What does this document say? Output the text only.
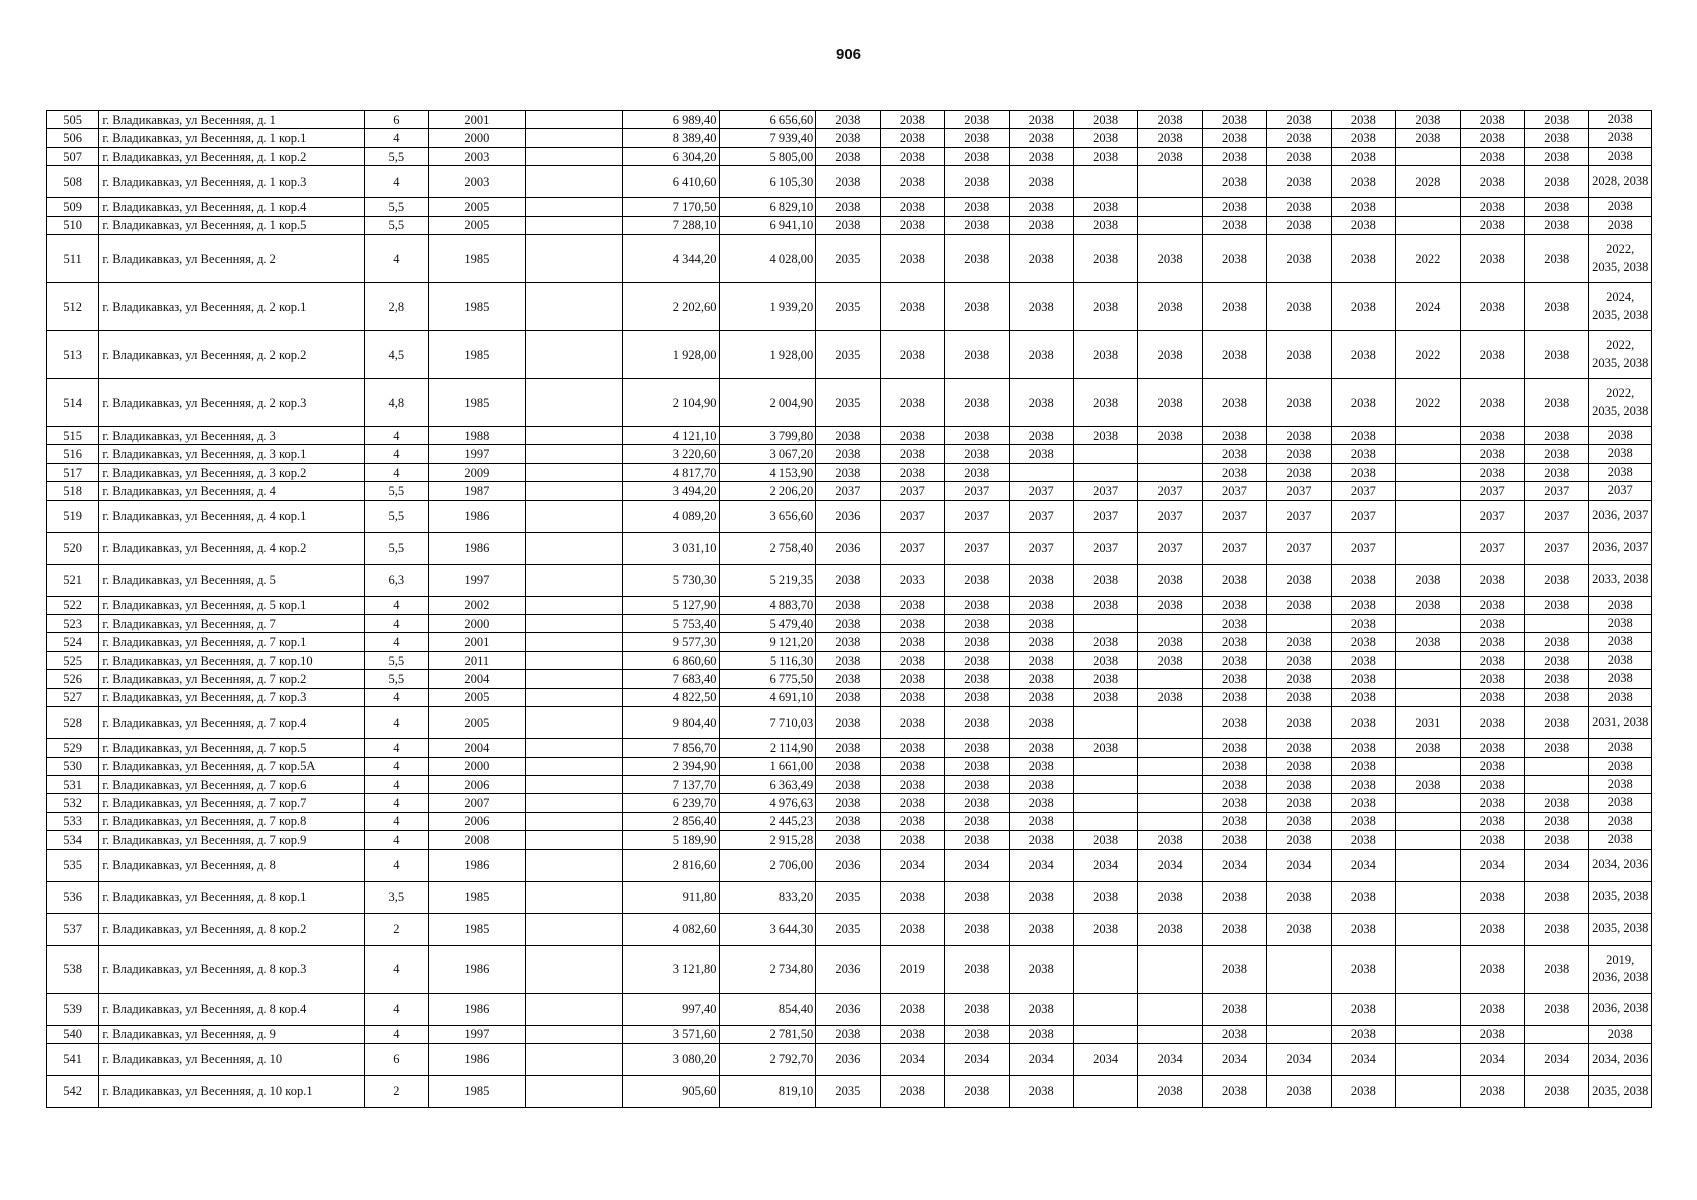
906
505	г. Владикавказ, ул Весенняя, д. 1	6	2001		6 989,40	6 656,60	2038	2038	2038	2038	2038	2038	2038	2038	2038	2038	2038	2038	2038
506	г. Владикавказ, ул Весенняя, д. 1 кор.1	4	2000		8 389,40	7 939,40	2038	2038	2038	2038	2038	2038	2038	2038	2038	2038	2038	2038	2038
507	г. Владикавказ, ул Весенняя, д. 1 кор.2	5,5	2003		6 304,20	5 805,00	2038	2038	2038	2038	2038	2038	2038	2038	2038		2038	2038	2038
508	г. Владикавказ, ул Весенняя, д. 1 кор.3	4	2003		6 410,60	6 105,30	2038	2038	2038	2038			2038	2038	2038	2028	2038	2038	2028, 2038
509	г. Владикавказ, ул Весенняя, д. 1 кор.4	5,5	2005		7 170,50	6 829,10	2038	2038	2038	2038	2038		2038	2038	2038		2038	2038	2038
510	г. Владикавказ, ул Весенняя, д. 1 кор.5	5,5	2005		7 288,10	6 941,10	2038	2038	2038	2038	2038		2038	2038	2038		2038	2038	2038
511	г. Владикавказ, ул Весенняя, д. 2	4	1985		4 344,20	4 028,00	2035	2038	2038	2038	2038	2038	2038	2038	2038	2022	2038	2038	2022, 2035, 2038
512	г. Владикавказ, ул Весенняя, д. 2 кор.1	2,8	1985		2 202,60	1 939,20	2035	2038	2038	2038	2038	2038	2038	2038	2038	2024	2038	2038	2024, 2035, 2038
513	г. Владикавказ, ул Весенняя, д. 2 кор.2	4,5	1985		1 928,00	1 928,00	2035	2038	2038	2038	2038	2038	2038	2038	2038	2022	2038	2038	2022, 2035, 2038
514	г. Владикавказ, ул Весенняя, д. 2 кор.3	4,8	1985		2 104,90	2 004,90	2035	2038	2038	2038	2038	2038	2038	2038	2038	2022	2038	2038	2022, 2035, 2038
515	г. Владикавказ, ул Весенняя, д. 3	4	1988		4 121,10	3 799,80	2038	2038	2038	2038	2038	2038	2038	2038	2038		2038	2038	2038
516	г. Владикавказ, ул Весенняя, д. 3 кор.1	4	1997		3 220,60	3 067,20	2038	2038	2038	2038			2038	2038	2038		2038	2038	2038
517	г. Владикавказ, ул Весенняя, д. 3 кор.2	4	2009		4 817,70	4 153,90	2038	2038	2038				2038	2038	2038		2038	2038	2038
518	г. Владикавказ, ул Весенняя, д. 4	5,5	1987		3 494,20	2 206,20	2037	2037	2037	2037	2037	2037	2037	2037	2037		2037	2037	2037
519	г. Владикавказ, ул Весенняя, д. 4 кор.1	5,5	1986		4 089,20	3 656,60	2036	2037	2037	2037	2037	2037	2037	2037	2037		2037	2037	2036, 2037
520	г. Владикавказ, ул Весенняя, д. 4 кор.2	5,5	1986		3 031,10	2 758,40	2036	2037	2037	2037	2037	2037	2037	2037	2037		2037	2037	2036, 2037
521	г. Владикавказ, ул Весенняя, д. 5	6,3	1997		5 730,30	5 219,35	2038	2033	2038	2038	2038	2038	2038	2038	2038	2038	2038	2038	2033, 2038
522	г. Владикавказ, ул Весенняя, д. 5 кор.1	4	2002		5 127,90	4 883,70	2038	2038	2038	2038	2038	2038	2038	2038	2038	2038	2038	2038	2038
523	г. Владикавказ, ул Весенняя, д. 7	4	2000		5 753,40	5 479,40	2038	2038	2038	2038			2038		2038		2038		2038
524	г. Владикавказ, ул Весенняя, д. 7 кор.1	4	2001		9 577,30	9 121,20	2038	2038	2038	2038	2038	2038	2038	2038	2038	2038	2038	2038	2038
525	г. Владикавказ, ул Весенняя, д. 7 кор.10	5,5	2011		6 860,60	5 116,30	2038	2038	2038	2038	2038	2038	2038	2038	2038		2038	2038	2038
526	г. Владикавказ, ул Весенняя, д. 7 кор.2	5,5	2004		7 683,40	6 775,50	2038	2038	2038	2038	2038		2038	2038	2038		2038	2038	2038
527	г. Владикавказ, ул Весенняя, д. 7 кор.3	4	2005		4 822,50	4 691,10	2038	2038	2038	2038	2038	2038	2038	2038	2038		2038	2038	2038
528	г. Владикавказ, ул Весенняя, д. 7 кор.4	4	2005		9 804,40	7 710,03	2038	2038	2038	2038			2038	2038	2038	2031	2038	2038	2031, 2038
529	г. Владикавказ, ул Весенняя, д. 7 кор.5	4	2004		7 856,70	2 114,90	2038	2038	2038	2038	2038		2038	2038	2038	2038	2038	2038	2038
530	г. Владикавказ, ул Весенняя, д. 7 кор.5А	4	2000		2 394,90	1 661,00	2038	2038	2038	2038			2038	2038	2038		2038		2038
531	г. Владикавказ, ул Весенняя, д. 7 кор.6	4	2006		7 137,70	6 363,49	2038	2038	2038	2038			2038	2038	2038	2038	2038		2038
532	г. Владикавказ, ул Весенняя, д. 7 кор.7	4	2007		6 239,70	4 976,63	2038	2038	2038	2038			2038	2038	2038		2038	2038	2038
533	г. Владикавказ, ул Весенняя, д. 7 кор.8	4	2006		2 856,40	2 445,23	2038	2038	2038	2038			2038	2038	2038		2038	2038	2038
534	г. Владикавказ, ул Весенняя, д. 7 кор.9	4	2008		5 189,90	2 915,28	2038	2038	2038	2038	2038	2038	2038	2038	2038		2038	2038	2038
535	г. Владикавказ, ул Весенняя, д. 8	4	1986		2 816,60	2 706,00	2036	2034	2034	2034	2034	2034	2034	2034	2034		2034	2034	2034, 2036
536	г. Владикавказ, ул Весенняя, д. 8 кор.1	3,5	1985		911,80	833,20	2035	2038	2038	2038	2038	2038	2038	2038	2038		2038	2038	2035, 2038
537	г. Владикавказ, ул Весенняя, д. 8 кор.2	2	1985		4 082,60	3 644,30	2035	2038	2038	2038	2038	2038	2038	2038	2038		2038	2038	2035, 2038
538	г. Владикавказ, ул Весенняя, д. 8 кор.3	4	1986		3 121,80	2 734,80	2036	2019	2038	2038			2038		2038		2038	2038	2019, 2036, 2038
539	г. Владикавказ, ул Весенняя, д. 8 кор.4	4	1986		997,40	854,40	2036	2038	2038	2038			2038		2038		2038	2038	2036, 2038
540	г. Владикавказ, ул Весенняя, д. 9	4	1997		3 571,60	2 781,50	2038	2038	2038	2038			2038		2038		2038		2038
541	г. Владикавказ, ул Весенняя, д. 10	6	1986		3 080,20	2 792,70	2036	2034	2034	2034	2034	2034	2034	2034	2034		2034	2034	2034, 2036
542	г. Владикавказ, ул Весенняя, д. 10 кор.1	2	1985		905,60	819,10	2035	2038	2038	2038		2038	2038	2038	2038		2038	2038	2035, 2038
